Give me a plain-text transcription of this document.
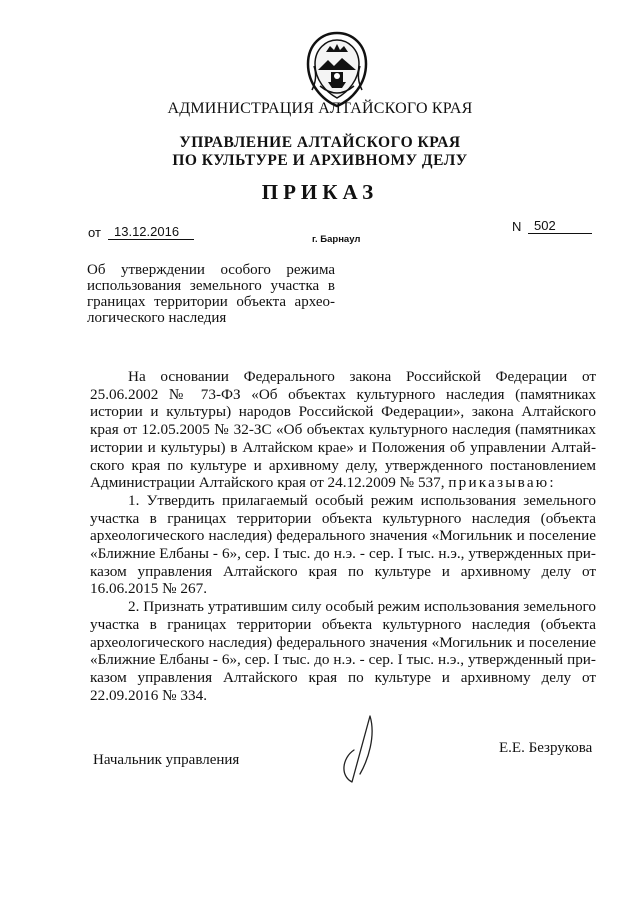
АДМИНИСТРАЦИЯ АЛТАЙСКОГО КРАЯ
УПРАВЛЕНИЕ АЛТАЙСКОГО КРАЯ
ПО КУЛЬТУРЕ И АРХИВНОМУ ДЕЛУ
ПРИКАЗ
от	13.12.2016
г. Барнаул
N 502
Об утверждении особого режима использования земельного участка в границах территории объекта архео-логического наследия

На основании Федерального закона Российской Федерации от 25.06.2002 № 73-ФЗ «Об объектах культурного наследия (памятниках истории и культуры) народов Российской Федерации», закона Алтайского края от 12.05.2005 № 32-ЗС «Об объектах культурного наследия (памятниках истории и культуры) в Алтайском крае» и Положения об управлении Алтай-ского края по культуре и архивному делу, утвержденного постановлением Администрации Алтайского края от 24.12.2009 № 537, приказываю:

1. Утвердить прилагаемый особый режим использования земельного участка в границах территории объекта культурного наследия (объекта археологического наследия) федерального значения «Могильник и поселение «Ближние Елбаны - 6», сер. I тыс. до н.э. - сер. I тыс. н.э., утвержденных при-казом управления Алтайского края по культуре и архивному делу от 16.06.2015 № 267.

2. Признать утратившим силу особый режим использования земельного участка в границах территории объекта культурного наследия (объекта археологического наследия) федерального значения «Могильник и поселение «Ближние Елбаны - 6», сер. I тыс. до н.э. - сер. I тыс. н.э., утвержденный при-казом управления Алтайского края по культуре и архивному делу от 22.09.2016 № 334.

Начальник управления
Е.Е. Безрукова
